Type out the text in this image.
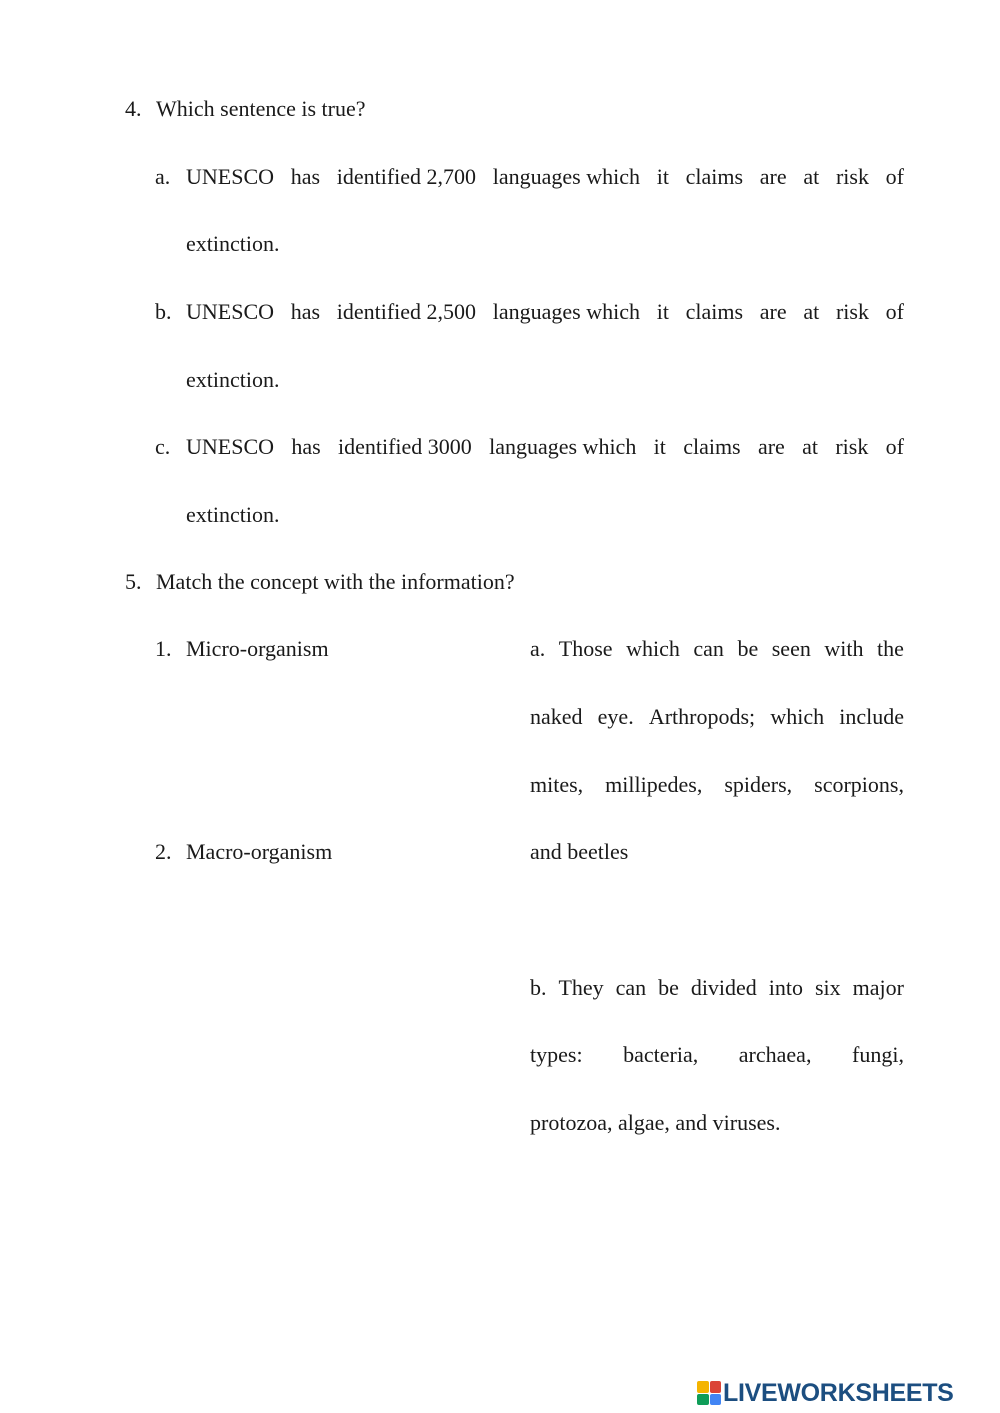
4. Which sentence is true?
a. UNESCO has identified 2,700 languages which it claims are at risk of
extinction.
b. UNESCO has identified 2,500 languages which it claims are at risk of
extinction.
c. UNESCO has identified 3000 languages which it claims are at risk of
extinction.
5. Match the concept with the information?
1. Micro-organism
2. Macro-organism
a. Those which can be seen with the
naked eye. Arthropods; which include
mites, millipedes, spiders, scorpions,
and beetles
b. They can be divided into six major
types: bacteria, archaea, fungi,
protozoa, algae, and viruses.
LIVEWORKSHEETS
